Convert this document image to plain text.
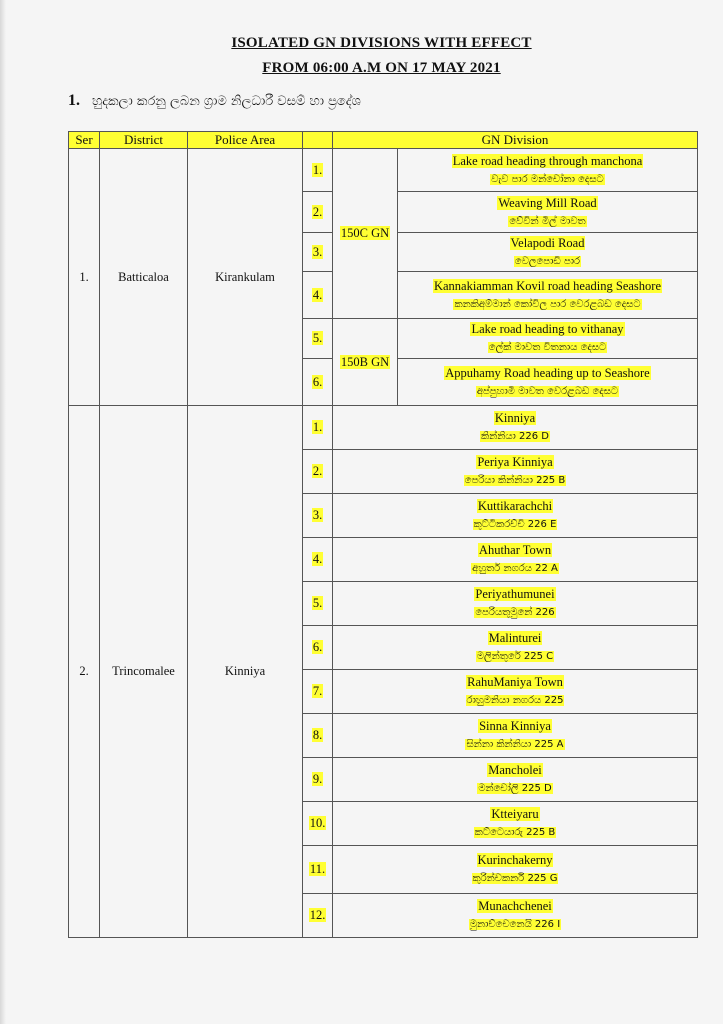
ISOLATED GN DIVISIONS WITH EFFECT
FROM 06:00 A.M ON 17 MAY 2021
1. හුදකලා කරනු ලබන ග්‍රාම නිලධාරී වසම් හා ප්‍රදේශ
Ser	District	Police Area		GN Division	
1.	Batticaloa	Kirankulam	1.	150C GN	Lake road heading through manchona
වැව පාර මන්චෝනා දෙසට

			2.		Weaving Mill Road
වේවින් මිල් මාවත

			3.		Velapodi Road
වෙලපොඩි පාර

			4.		Kannakiamman Kovil road heading Seashore
කනකිඅම්මාන් කෝවිල පාර වෙරළබඩ දෙසට

			5.	150B GN	Lake road heading to vithanay
ලේක් මාවත විතනාය දෙසට

			6.		Appuhamy Road heading up to Seashore
අප්පුහාමි මාවත වෙරළබඩ දෙසට

2.	Trincomalee	Kinniya	1.	Kinniya
කින්නියා 226 D	

			2.	Periya Kinniya
පෙරියා කින්නියා 225 B	

			3.	Kuttikarachchi
කුට්ටිකරච්චි 226 E	

			4.	Ahuthar Town
අහුතර් නගරය 22 A	

			5.	Periyathumunei
පෙරියතුමුනේ 226	

			6.	Malinturei
මලින්තුරේ 225 C	

			7.	RahuManiya Town
රාහුමනියා නගරය 225	

			8.	Sinna Kinniya
සින්නා කින්නියා 225 A	

			9.	Mancholei
මන්චෝලි 225 D	

			10.	Ktteiyaru
කට්ටෙයාරු 225 B	

			11.	Kurinchakerny
කුරින්චකර්නි 225 G	

			12.	Munachchenei
මුනාච්චෙනෙයි 226 I	
